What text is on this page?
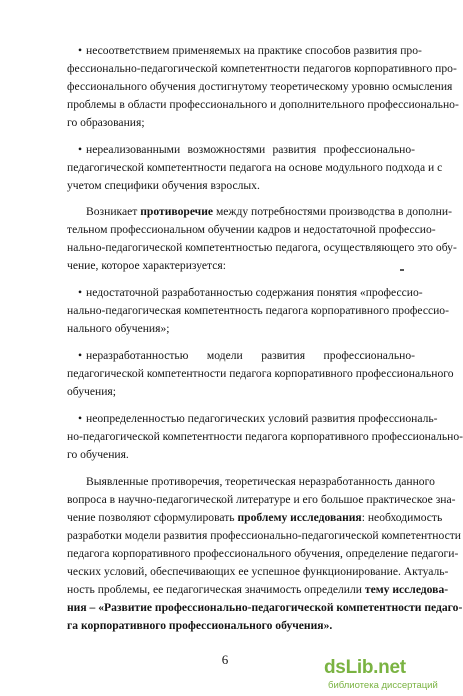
• несоответствием применяемых на практике способов развития про-
фессионально-педагогической компетентности педагогов корпоративного про-
фессионального обучения достигнутому теоретическому уровню осмысления
проблемы в области профессионального и дополнительного профессионально-
го образования;
• нереализованными возможностями развития профессионально-
педагогической компетентности педагога на основе модульного подхода и с
учетом специфики обучения взрослых.
Возникает противоречие между потребностями производства в дополни-
тельном профессиональном обучении кадров и недостаточной профессио-
нально-педагогической компетентностью педагога, осуществляющего это обу-
чение, которое характеризуется:
• недостаточной разработанностью содержания понятия «профессио-
нально-педагогическая компетентность педагога корпоративного профессио-
нального обучения»;
• неразработанностью модели развития профессионально-
педагогической компетентности педагога корпоративного профессионального
обучения;
• неопределенностью педагогических условий развития профессиональ-
но-педагогической компетентности педагога корпоративного профессионально-
го обучения.
Выявленные противоречия, теоретическая неразработанность данного
вопроса в научно-педагогической литературе и его большое практическое зна-
чение позволяют сформулировать проблему исследования: необходимость
разработки модели развития профессионально-педагогической компетентности
педагога корпоративного профессионального обучения, определение педагоги-
ческих условий, обеспечивающих ее успешное функционирование. Актуаль-
ность проблемы, ее педагогическая значимость определили тему исследова-
ния – «Развитие профессионально-педагогической компетентности педаго-
га корпоративного профессионального обучения».
6	dsLib.net
библиотека диссертаций
